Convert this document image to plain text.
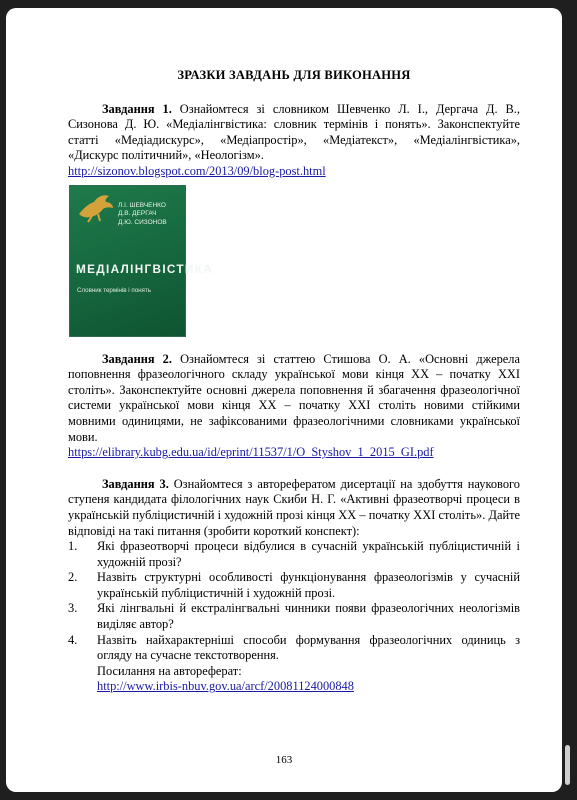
ЗРАЗКИ ЗАВДАНЬ ДЛЯ ВИКОНАННЯ

Завдання 1. Ознайомтеся зі словником Шевченко Л. І., Дергача Д. В., Сизонова Д. Ю. «Медіалінгвістика: словник термінів і понять». Законспектуйте статті «Медіадискурс», «Медіапростір», «Медіатекст», «Медіалінгвістика», «Дискурс політичний», «Неологізм».

http://sizonov.blogspot.com/2013/09/blog-post.html

Л.І. ШЕВЧЕНКО
Д.В. ДЕРГАЧ
Д.Ю. СИЗОНОВ
МЕДІАЛІНГВІСТИКА
Словник термінів і понять

Завдання 2. Ознайомтеся зі статтею Стишова О. А. «Основні джерела поповнення фразеологічного складу української мови кінця ХХ – початку ХХІ століть». Законспектуйте основні джерела поповнення й збагачення фразеологічної системи української мови кінця ХХ – початку ХХІ століть новими стійкими мовними одиницями, не зафіксованими фразеологічними словниками української мови.

https://elibrary.kubg.edu.ua/id/eprint/11537/1/O_Styshov_1_2015_GI.pdf

Завдання 3. Ознайомтеся з авторефератом дисертації на здобуття наукового ступеня кандидата філологічних наук Скиби Н. Г. «Активні фразеотворчі процеси в українській публіцистичній і художній прозі кінця ХХ – початку ХХІ століть». Дайте відповіді на такі питання (зробити короткий конспект):

1. Які фразеотворчі процеси відбулися в сучасній українській публіцистичній і художній прозі?
2. Назвіть структурні особливості функціонування фразеологізмів у сучасній українській публіцистичній і художній прозі.
3. Які лінгвальні й екстралінгвальні чинники появи фразеологічних неологізмів виділяє автор?
4. Назвіть найхарактерніші способи формування фразеологічних одиниць з огляду на сучасне текстотворення.
Посилання на автореферат:
http://www.irbis-nbuv.gov.ua/arcf/20081124000848
163
